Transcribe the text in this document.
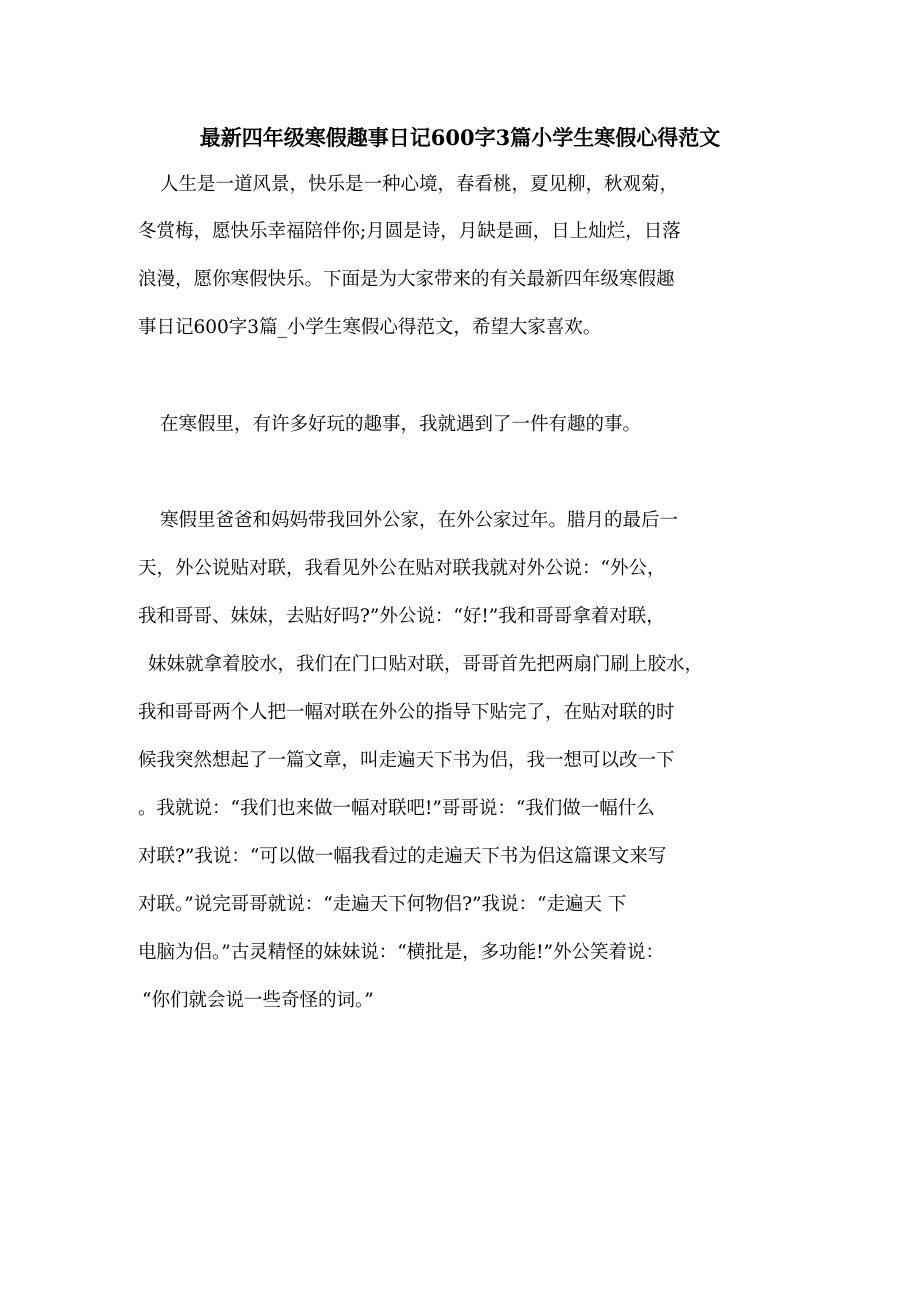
最新四年级寒假趣事日记600字3篇小学生寒假心得范文
人生是一道风景，快乐是一种心境，春看桃，夏见柳，秋观菊，
冬赏梅，愿快乐幸福陪伴你;月圆是诗，月缺是画，日上灿烂，日落
浪漫，愿你寒假快乐。下面是为大家带来的有关最新四年级寒假趣
事日记600字3篇_小学生寒假心得范文，希望大家喜欢。
在寒假里，有许多好玩的趣事，我就遇到了一件有趣的事。
寒假里爸爸和妈妈带我回外公家，在外公家过年。腊月的最后一
天，外公说贴对联，我看见外公在贴对联我就对外公说：“外公，
我和哥哥、妹妹，去贴好吗?”外公说：“好!”我和哥哥拿着对联，
妹妹就拿着胶水，我们在门口贴对联，哥哥首先把两扇门刷上胶水，
我和哥哥两个人把一幅对联在外公的指导下贴完了，在贴对联的时
候我突然想起了一篇文章，叫走遍天下书为侣，我一想可以改一下
。我就说：“我们也来做一幅对联吧!”哥哥说：“我们做一幅什么
对联?”我说：“可以做一幅我看过的走遍天下书为侣这篇课文来写
对联。”说完哥哥就说：“走遍天下何物侣?”我说：“走遍天 下
电脑为侣。”古灵精怪的妹妹说：“横批是，多功能!”外公笑着说：
“你们就会说一些奇怪的词。”
